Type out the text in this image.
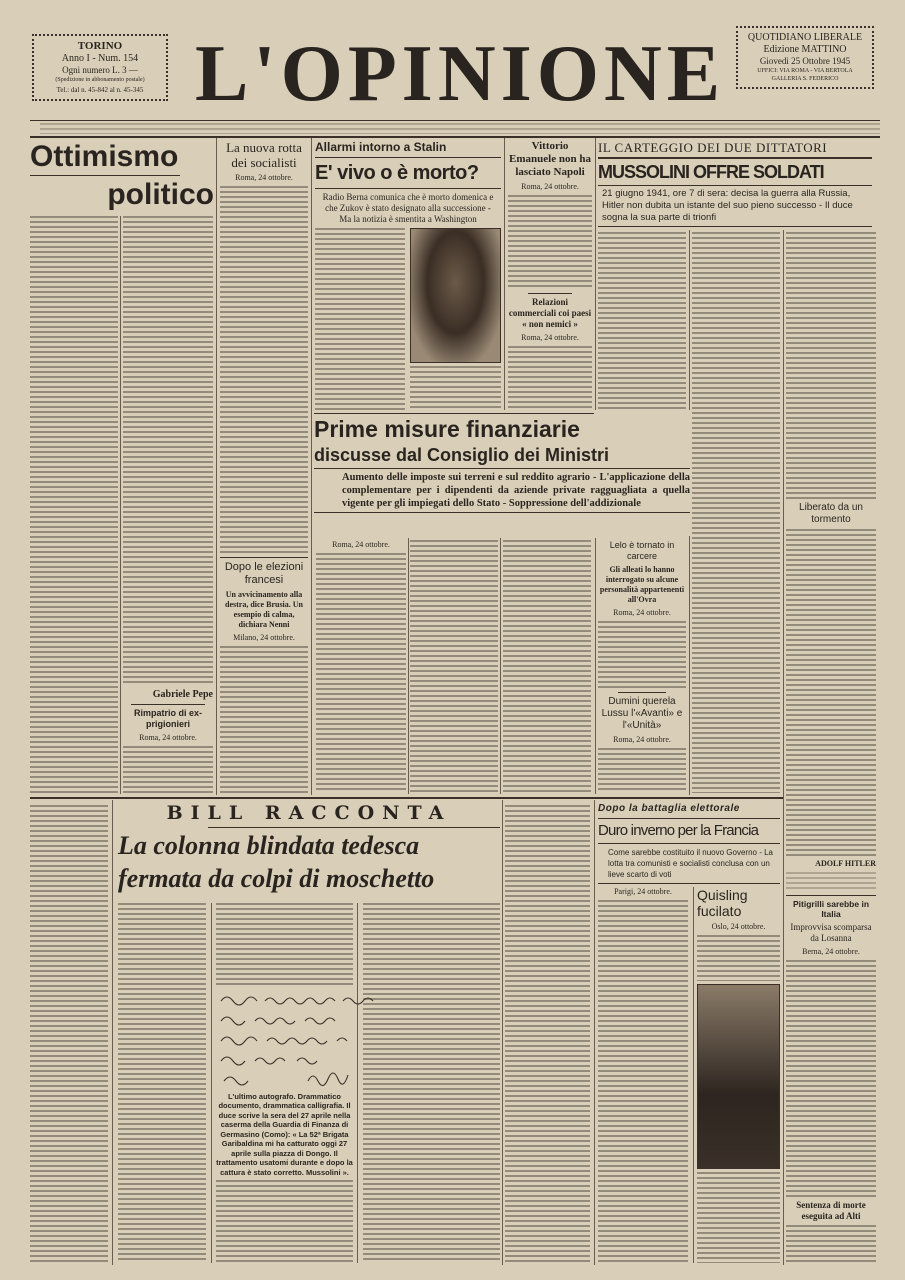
TORINO
Anno I - Num. 154
Ogni numero L. 3 —
(Spedizione in abbonamento postale)
Tel.: dal n. 45-842 al n. 45-345 L'OPINIONE	QUOTIDIANO LIBERALE
Edizione MATTINO
Giovedì 25 Ottobre 1945
UFFICI: VIA ROMA - VIA BERTOLA
GALLERIA S. FEDERICO
Ottimismo
politico
Gabriele Pepe
Rimpatrio di ex-prigionieri
Roma, 24 ottobre.
La nuova rotta dei socialisti
Roma, 24 ottobre.
Dopo le elezioni francesi
Un avvicinamento alla destra, dice Brusia. Un esempio di calma, dichiara Nenni
Milano, 24 ottobre.
Allarmi intorno a Stalin
E' vivo o è morto?
Radio Berna comunica che è morto domenica e che Zukov è stato designato alla successione - Ma la notizia è smentita a Washington
Vittorio Emanuele non ha lasciato Napoli
Roma, 24 ottobre.
Relazioni commerciali coi paesi « non nemici »
Roma, 24 ottobre.
IL CARTEGGIO DEI DUE DITTATORI
MUSSOLINI OFFRE SOLDATI
21 giugno 1941, ore 7 di sera: decisa la guerra alla Russia, Hitler non dubita un istante del suo pieno successo - Il duce sogna la sua parte di trionfi
Liberato da un tormento
ADOLF HITLER
Pitigrilli sarebbe in Italia
Improvvisa scomparsa da Losanna
Berna, 24 ottobre.
Sentenza di morte eseguita ad Alti
Prime misure finanziarie
discusse dal Consiglio dei Ministri
Aumento delle imposte sui terreni e sul reddito agrario - L'applicazione della complementare per i dipendenti da aziende private ragguagliata a quella vigente per gli impiegati dello Stato - Soppressione dell'addizionale
Roma, 24 ottobre.	Lelo è tornato in carcere
Gli alleati lo hanno interrogato su alcune personalità appartenenti all'Ovra
Roma, 24 ottobre.
Dumini querela Lussu l'«Avanti» e l'«Unità»
Roma, 24 ottobre.
BILL RACCONTA
La colonna blindata tedesca
fermata da colpi di moschetto
L'ultimo autografo. Drammatico documento, drammatica calligrafia. Il duce scrive la sera del 27 aprile nella caserma della Guardia di Finanza di Germasino (Como): « La 52ª Brigata Garibaldina mi ha catturato oggi 27 aprile sulla piazza di Dongo. Il trattamento usatomi durante e dopo la cattura è stato corretto. Mussolini ».
Dopo la battaglia elettorale
Duro inverno per la Francia
Come sarebbe costituito il nuovo Governo - La lotta tra comunisti e socialisti conclusa con un lieve scarto di voti
Parigi, 24 ottobre.	Quisling fucilato
Oslo, 24 ottobre.
